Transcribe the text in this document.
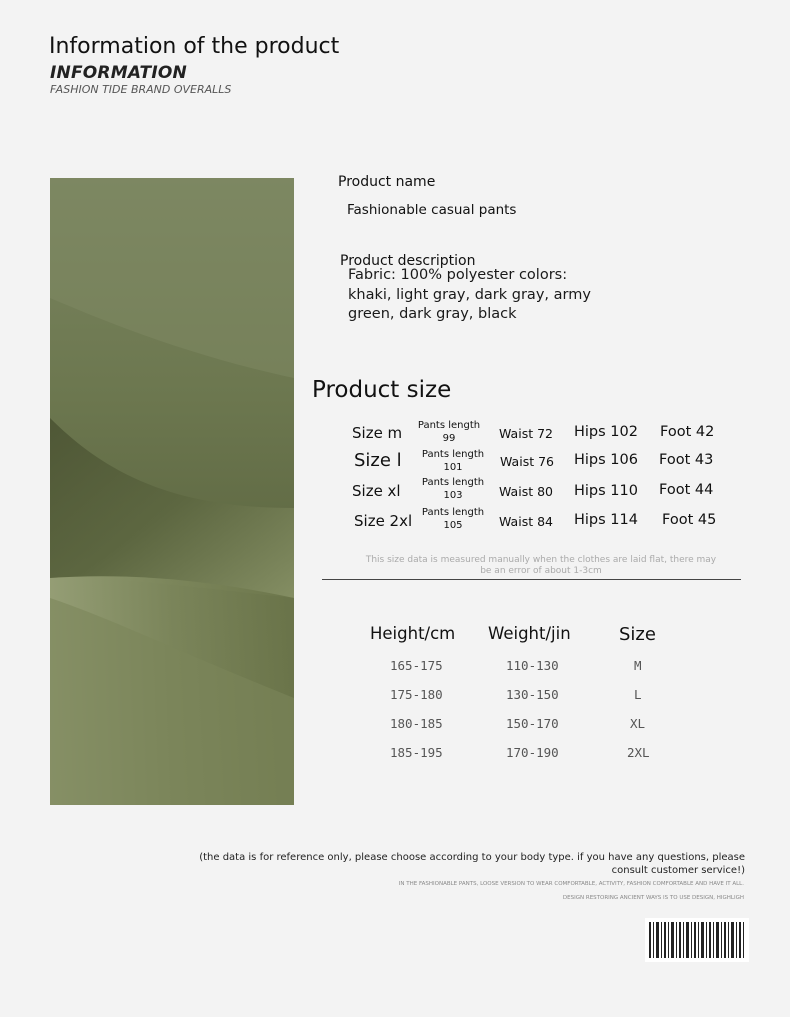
Information of the product
INFORMATION
FASHION TIDE BRAND OVERALLS
Product name
Fashionable casual pants
Product description
Fabric: 100% polyester colors: khaki, light gray, dark gray, army green, dark gray, black
Product size
Size m	Pants length 99	Waist 72 Hips 102 Foot 42
Size l	Pants length 101	Waist 76 Hips 106 Foot 43
Size xl	Pants length 103	Waist 80 Hips 110 Foot 44
Size 2xl Pants length 105	Waist 84 Hips 114 Foot 45
This size data is measured manually when the clothes are laid flat, there may be an error of about 1-3cm
Height/cm Weight/jin	Size
165-175	110-130	M
175-180	130-150	L
180-185	150-170	XL
185-195	170-190	2XL
(the data is for reference only, please choose according to your body type. if you have any questions, please consult customer service!)
IN THE FASHIONABLE PANTS, LOOSE VERSION TO WEAR COMFORTABLE, ACTIVITY, FASHION COMFORTABLE AND HAVE IT ALL.
DESIGN RESTORING ANCIENT WAYS IS TO USE DESIGN, HIGHLIGH
